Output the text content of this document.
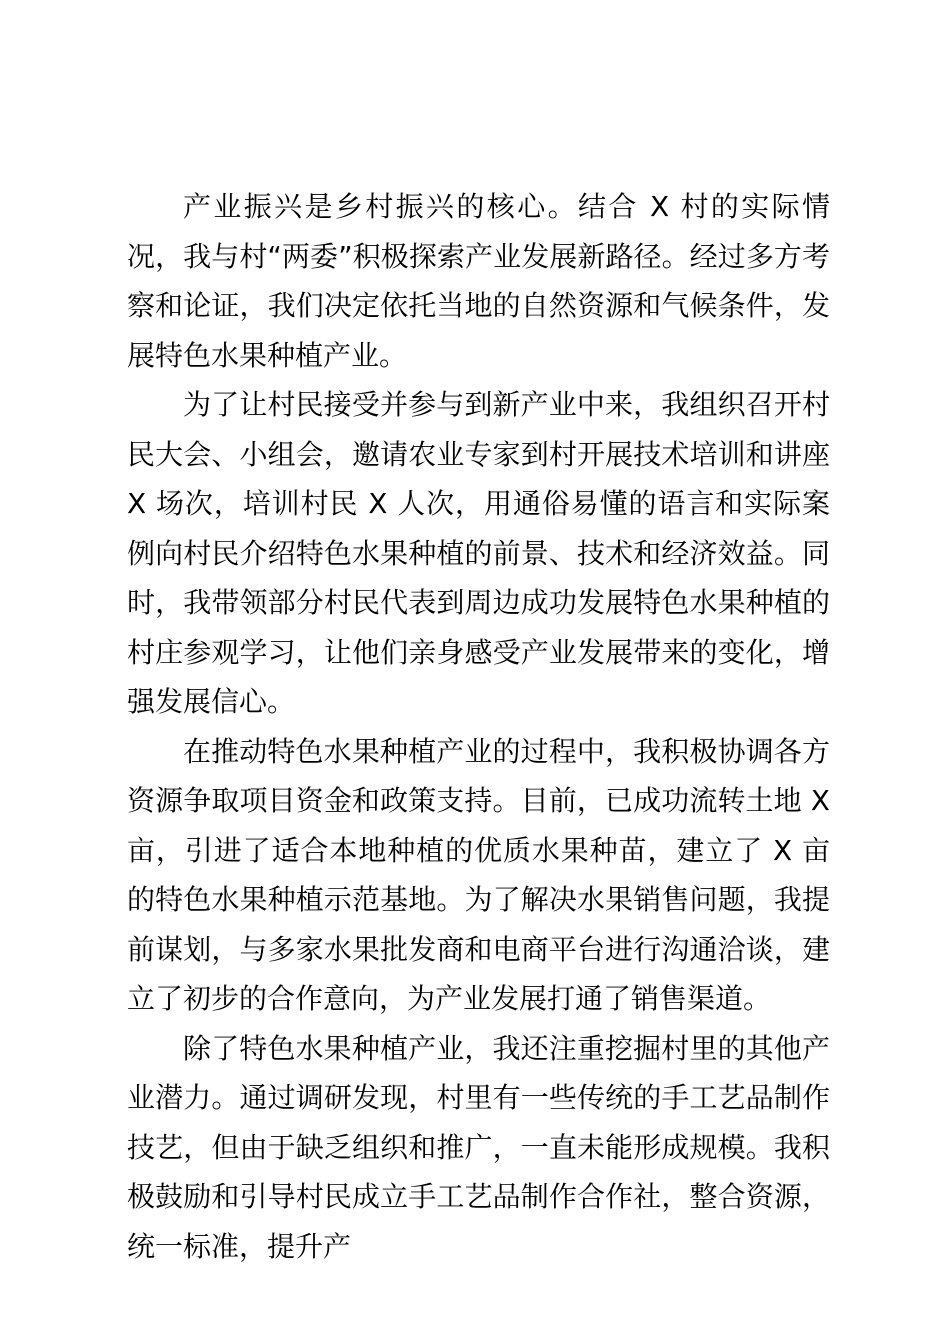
产业振兴是乡村振兴的核心。结合 X 村的实际情况，我与村“两委”积极探索产业发展新路径。经过多方考察和论证，我们决定依托当地的自然资源和气候条件，发展特色水果种植产业。

为了让村民接受并参与到新产业中来，我组织召开村民大会、小组会，邀请农业专家到村开展技术培训和讲座 X 场次，培训村民 X 人次，用通俗易懂的语言和实际案例向村民介绍特色水果种植的前景、技术和经济效益。同时，我带领部分村民代表到周边成功发展特色水果种植的村庄参观学习，让他们亲身感受产业发展带来的变化，增强发展信心。

在推动特色水果种植产业的过程中，我积极协调各方资源争取项目资金和政策支持。目前，已成功流转土地 X 亩，引进了适合本地种植的优质水果种苗，建立了 X 亩的特色水果种植示范基地。为了解决水果销售问题，我提前谋划，与多家水果批发商和电商平台进行沟通洽谈，建立了初步的合作意向，为产业发展打通了销售渠道。

除了特色水果种植产业，我还注重挖掘村里的其他产业潜力。通过调研发现，村里有一些传统的手工艺品制作技艺，但由于缺乏组织和推广，一直未能形成规模。我积极鼓励和引导村民成立手工艺品制作合作社，整合资源，统一标准，提升产
